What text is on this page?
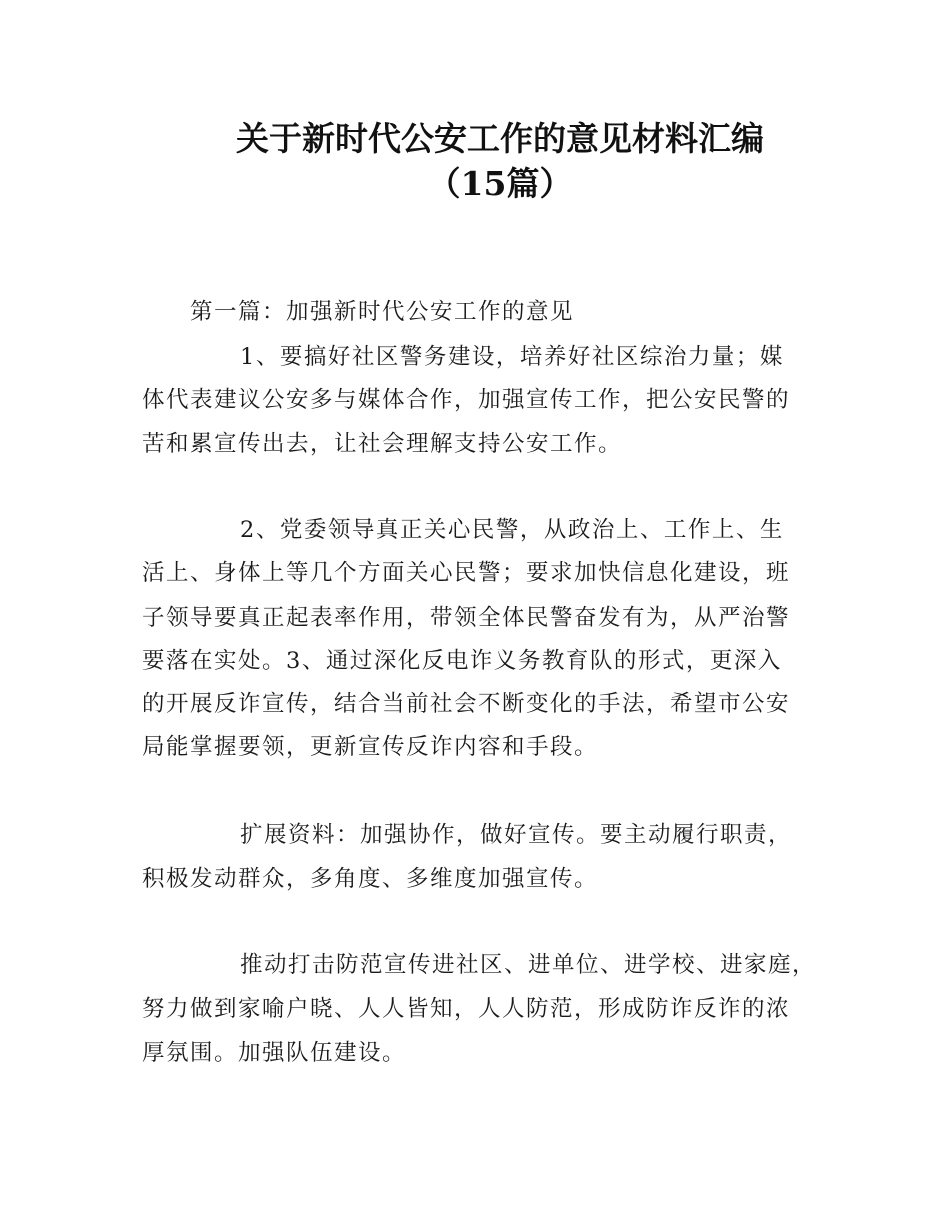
关于新时代公安工作的意见材料汇编
（15篇）

第一篇：加强新时代公安工作的意见

1、要搞好社区警务建设，培养好社区综治力量；媒

体代表建议公安多与媒体合作，加强宣传工作，把公安民警的

苦和累宣传出去，让社会理解支持公安工作。

2、党委领导真正关心民警，从政治上、工作上、生

活上、身体上等几个方面关心民警；要求加快信息化建设，班

子领导要真正起表率作用，带领全体民警奋发有为，从严治警

要落在实处。3、通过深化反电诈义务教育队的形式，更深入

的开展反诈宣传，结合当前社会不断变化的手法，希望市公安

局能掌握要领，更新宣传反诈内容和手段。

扩展资料：加强协作，做好宣传。要主动履行职责，

积极发动群众，多角度、多维度加强宣传。

推动打击防范宣传进社区、进单位、进学校、进家庭，

努力做到家喻户晓、人人皆知，人人防范，形成防诈反诈的浓

厚氛围。加强队伍建设。
